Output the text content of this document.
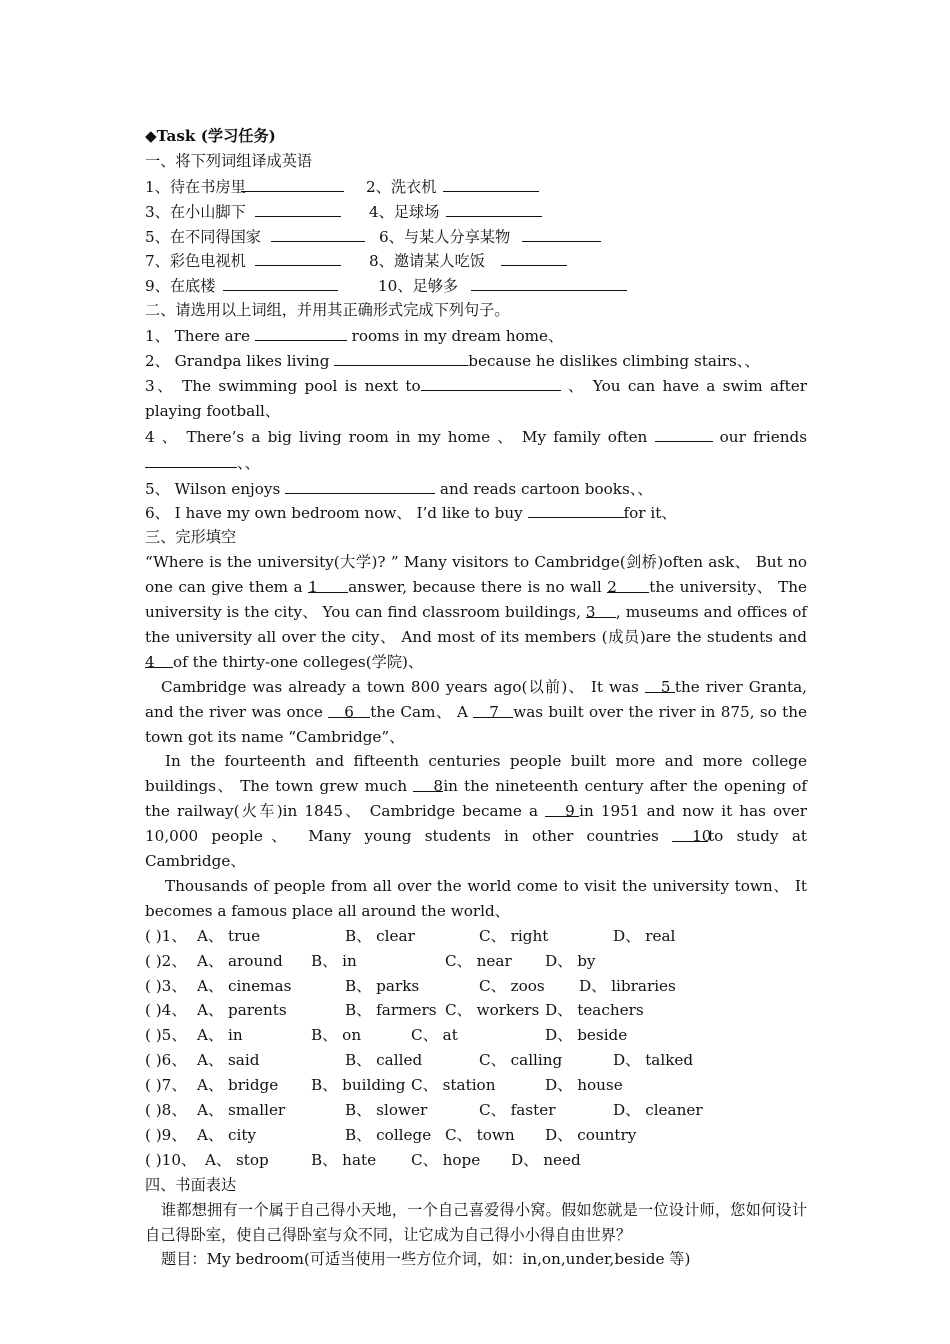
◆Task (学习任务)
一、将下列词组译成英语
1、待在书房里	2、洗衣机
3、在小山脚下	4、足球场
5、在不同得国家	6、与某人分享某物
7、彩色电视机	8、邀请某人吃饭
9、在底楼	10、足够多
二、请选用以上词组，并用其正确形式完成下列句子。
1、 There are	rooms in my dream home、
2、 Grandpa likes living	because he dislikes climbing stairs、、
3、 The swimming pool is next to	、 You can have a swim after playing football、
4 、 There’s a big living room in my home 、 My family often	our friends、、
5、 Wilson enjoys	and reads cartoon books、、
6、 I have my own bedroom now、 I’d like to buy	for it、
三、完形填空
“Where is the university(大学)? ” Many visitors to Cambridge(剑桥)often ask、 But no one can give them a 1answer, because there is no wall 2the university、 The university is the city、 You can find classroom buildings, 3, museums and offices of the university all over the city、 And most of its members (成员)are the students and 4of the thirty-one colleges(学院)、
Cambridge was already a town 800 years ago(以前)、 It was 5the river Granta, and the river was once 6the Cam、 A 7was built over the river in 875, so the town got its name “Cambridge”、
In the fourteenth and fifteenth centuries people built more and more college buildings、 The town grew much 8in the nineteenth century after the opening of the railway(火车)in 1845、 Cambridge became a 9in 1951 and now it has over 10,000 people、 Many young students in other countries 10to study at Cambridge、
Thousands of people from all over the world come to visit the university town、 It becomes a famous place all around the world、
( )1、 A、 true	B、 clear	C、 right	D、 real
( )2、 A、 around B、 in	C、 near D、 by
( )3、 A、 cinemas	B、 parks	C、 zoos D、 libraries
( )4、 A、 parents	B、 farmers C、 workers D、 teachers
( )5、 A、 in	B、 on	C、 at	D、 beside
( )6、 A、 said	B、 called	C、 calling	D、 talked
( )7、 A、 bridge B、 building C、 station	D、 house
( )8、 A、 smaller	B、 slower	C、 faster	D、 cleaner
( )9、 A、 city	B、 college C、 town D、 country
( )10、 A、 stop	B、 hate C、 hope D、 need
四、书面表达
谁都想拥有一个属于自己得小天地，一个自己喜爱得小窝。假如您就是一位设计师，您如何设计自己得卧室，使自己得卧室与众不同，让它成为自己得小小得自由世界？
题目：My bedroom(可适当使用一些方位介词，如：in,on,under,beside 等)
